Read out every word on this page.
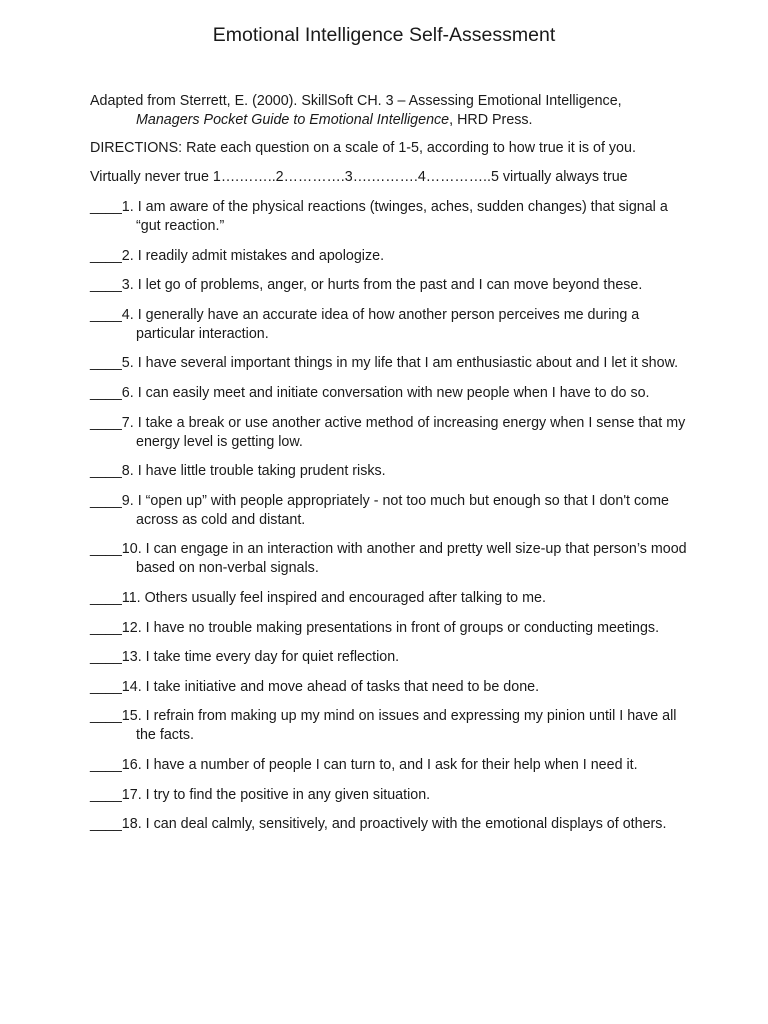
Emotional Intelligence Self-Assessment

Adapted from Sterrett, E. (2000). SkillSoft CH. 3 – Assessing Emotional Intelligence,
Managers Pocket Guide to Emotional Intelligence, HRD Press.

DIRECTIONS: Rate each question on a scale of 1-5, according to how true it is of you.

Virtually never true 1….……..2………….3….……….4…………..5 virtually always true

____1. I am aware of the physical reactions (twinges, aches, sudden changes) that signal a “gut reaction.”

____2. I readily admit mistakes and apologize.

____3. I let go of problems, anger, or hurts from the past and I can move beyond these.

____4. I generally have an accurate idea of how another person perceives me during a particular interaction.

____5. I have several important things in my life that I am enthusiastic about and I let it show.

____6. I can easily meet and initiate conversation with new people when I have to do so.

____7. I take a break or use another active method of increasing energy when I sense that my energy level is getting low.

____8. I have little trouble taking prudent risks.

____9. I “open up” with people appropriately - not too much but enough so that I don't come across as cold and distant.

____10. I can engage in an interaction with another and pretty well size-up that person’s mood based on non-verbal signals.

____11. Others usually feel inspired and encouraged after talking to me.

____12. I have no trouble making presentations in front of groups or conducting meetings.

____13. I take time every day for quiet reflection.

____14. I take initiative and move ahead of tasks that need to be done.

____15. I refrain from making up my mind on issues and expressing my pinion until I have all the facts.

____16. I have a number of people I can turn to, and I ask for their help when I need it.

____17. I try to find the positive in any given situation.

____18. I can deal calmly, sensitively, and proactively with the emotional displays of others.
